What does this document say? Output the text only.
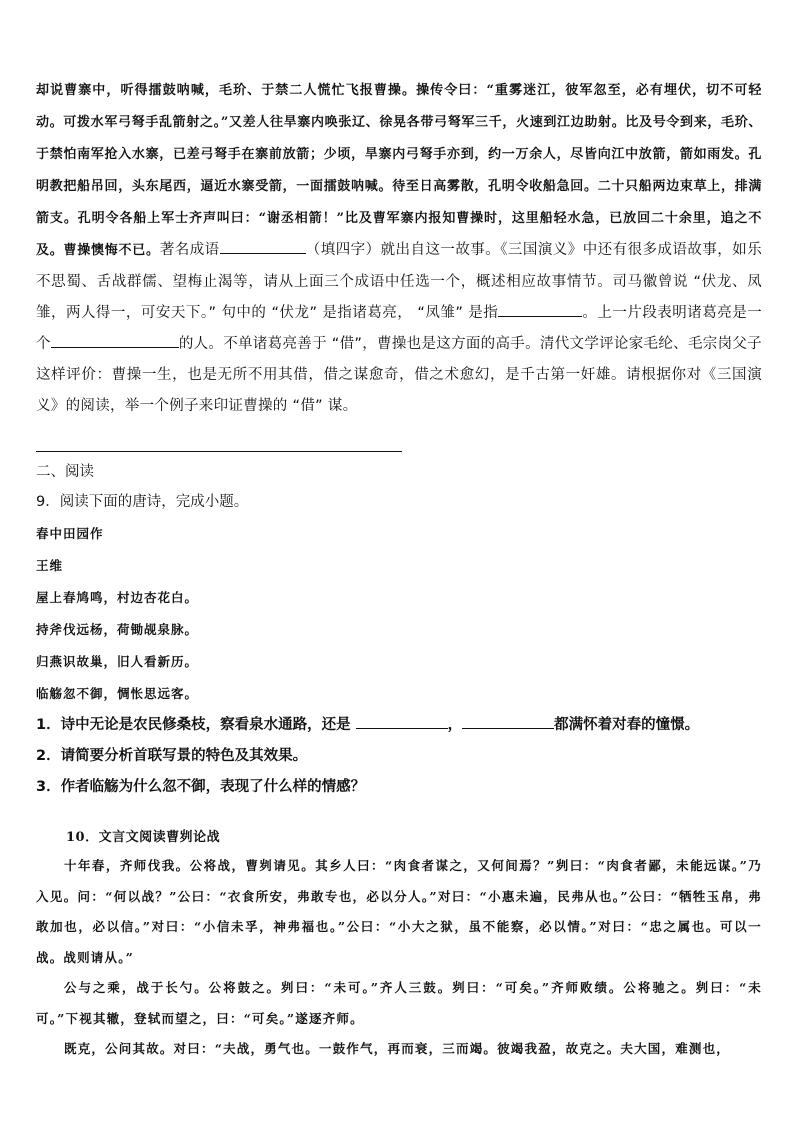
却说曹寨中，听得擂鼓呐喊，毛玠、于禁二人慌忙飞报曹操。操传令曰：“重雾迷江，彼军忽至，必有埋伏，切不可轻动。可拨水军弓弩手乱箭射之。”又差人往旱寨内唤张辽、徐晃各带弓弩军三千，火速到江边助射。比及号令到来，毛玠、于禁怕南军抢入水寨，已差弓弩手在寨前放箭；少顷，旱寨内弓弩手亦到，约一万余人，尽皆向江中放箭，箭如雨发。孔明教把船吊回，头东尾西，逼近水寨受箭，一面擂鼓呐喊。待至日高雾散，孔明令收船急回。二十只船两边束草上，排满箭支。孔明令各船上军士齐声叫曰：“谢丞相箭！”比及曹军寨内报知曹操时，这里船轻水急，已放回二十余里，追之不及。曹操懊悔不已。著名成语	（填四字）就出自这一故事。《三国演义》中还有很多成语故事，如乐不思蜀、舌战群儒、望梅止渴等，请从上面三个成语中任选一个，概述相应故事情节。司马徽曾说 “伏龙、凤雏，两人得一，可安天下。” 句中的 “伏龙” 是指诸葛亮， “凤雏” 是指	。上一片段表明诸葛亮是一个	的人。不单诸葛亮善于 “借”，曹操也是这方面的高手。清代文学评论家毛纶、毛宗岗父子这样评价：曹操一生，也是无所不用其借，借之谋愈奇，借之术愈幻，是千古第一奸雄。请根据你对《三国演义》的阅读，举一个例子来印证曹操的 “借” 谋。

二、阅读

9．阅读下面的唐诗，完成小题。

春中田园作

王维

屋上春鸠鸣，村边杏花白。

持斧伐远杨，荷锄觇泉脉。

归燕识故巢，旧人看新历。

临觞忽不御，惆怅思远客。

1．诗中无论是农民修桑枝，察看泉水通路，还是	，	都满怀着对春的憧憬。

2．请简要分析首联写景的特色及其效果。

3．作者临觞为什么忽不御，表现了什么样的情感？

10．文言文阅读曹刿论战

十年春，齐师伐我。公将战，曹刿请见。其乡人曰：“肉食者谋之，又何间焉？”刿曰：“肉食者鄙，未能远谋。”乃入见。问：“何以战？”公曰：“衣食所安，弗敢专也，必以分人。”对曰：“小惠未遍，民弗从也。”公曰：“牺牲玉帛，弗敢加也，必以信。”对曰：“小信未孚，神弗福也。”公曰：“小大之狱，虽不能察，必以情。”对曰：“忠之属也。可以一战。战则请从。”

公与之乘，战于长勺。公将鼓之。刿曰：“未可。”齐人三鼓。刿曰：“可矣。”齐师败绩。公将驰之。刿曰：“未可。”下视其辙，登轼而望之，曰：“可矣。”遂逐齐师。

既克，公问其故。对曰：“夫战，勇气也。一鼓作气，再而衰，三而竭。彼竭我盈，故克之。夫大国，难测也，
